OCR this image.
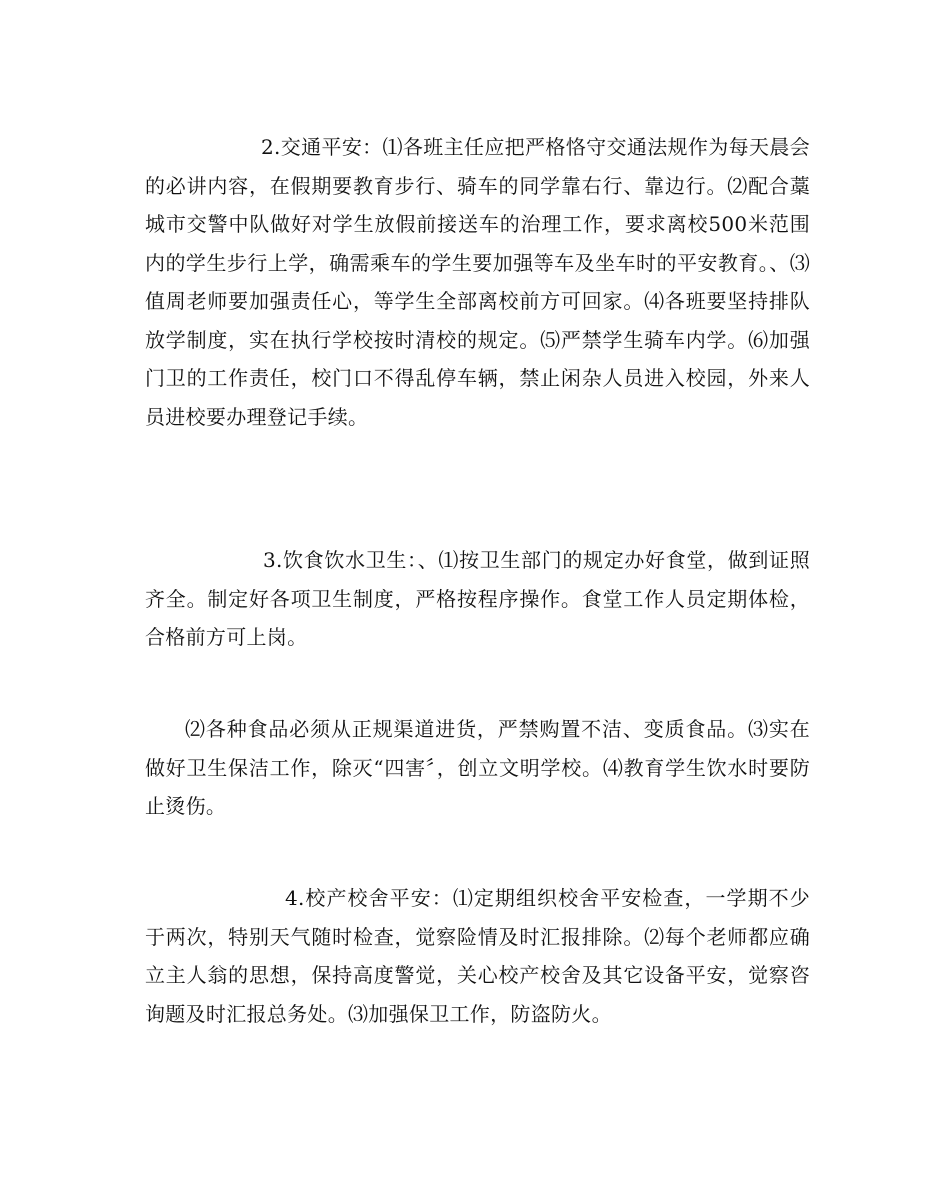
2.交通平安：⑴各班主任应把严格恪守交通法规作为每天晨会的必讲内容，在假期要教育步行、骑车的同学靠右行、靠边行。⑵配合藁城市交警中队做好对学生放假前接送车的治理工作，要求离校500米范围内的学生步行上学，确需乘车的学生要加强等车及坐车时的平安教育。、⑶值周老师要加强责任心，等学生全部离校前方可回家。⑷各班要坚持排队放学制度，实在执行学校按时清校的规定。⑸严禁学生骑车内学。⑹加强门卫的工作责任，校门口不得乱停车辆，禁止闲杂人员进入校园，外来人员进校要办理登记手续。

3.饮食饮水卫生：、⑴按卫生部门的规定办好食堂，做到证照齐全。制定好各项卫生制度，严格按程序操作。食堂工作人员定期体检，合格前方可上岗。

⑵各种食品必须从正规渠道进货，严禁购置不洁、变质食品。⑶实在做好卫生保洁工作，除灭“四害〞，创立文明学校。⑷教育学生饮水时要防止烫伤。

4.校产校舍平安：⑴定期组织校舍平安检查，一学期不少于两次，特别天气随时检查，觉察险情及时汇报排除。⑵每个老师都应确立主人翁的思想，保持高度警觉，关心校产校舍及其它设备平安，觉察咨询题及时汇报总务处。⑶加强保卫工作，防盗防火。
